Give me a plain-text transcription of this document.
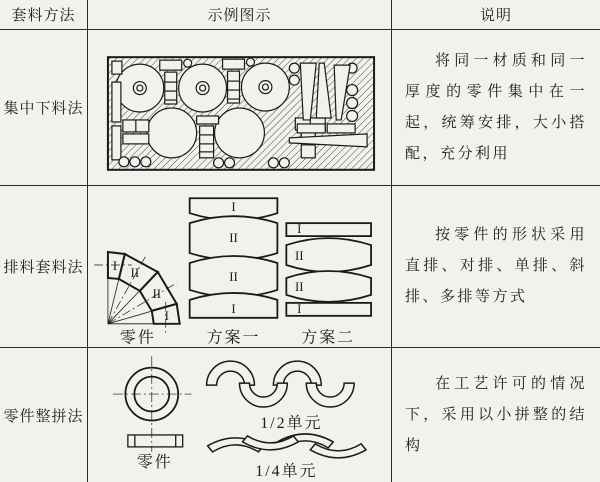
套料方法	示例图示	说明
集中下料法
将同一材质和同一厚度的零件集中在一起，统筹安排，大小搭配，充分利用
排料套料法 I II
II
I
零件
I
II
II
I
方案一
I
II
II
I
方案二
按零件的形状采用直排、对排、单排、斜排、多排等方式
零件整拼法
零件
1/2单元
1/4单元
在工艺许可的情况下，采用以小拼整的结构
